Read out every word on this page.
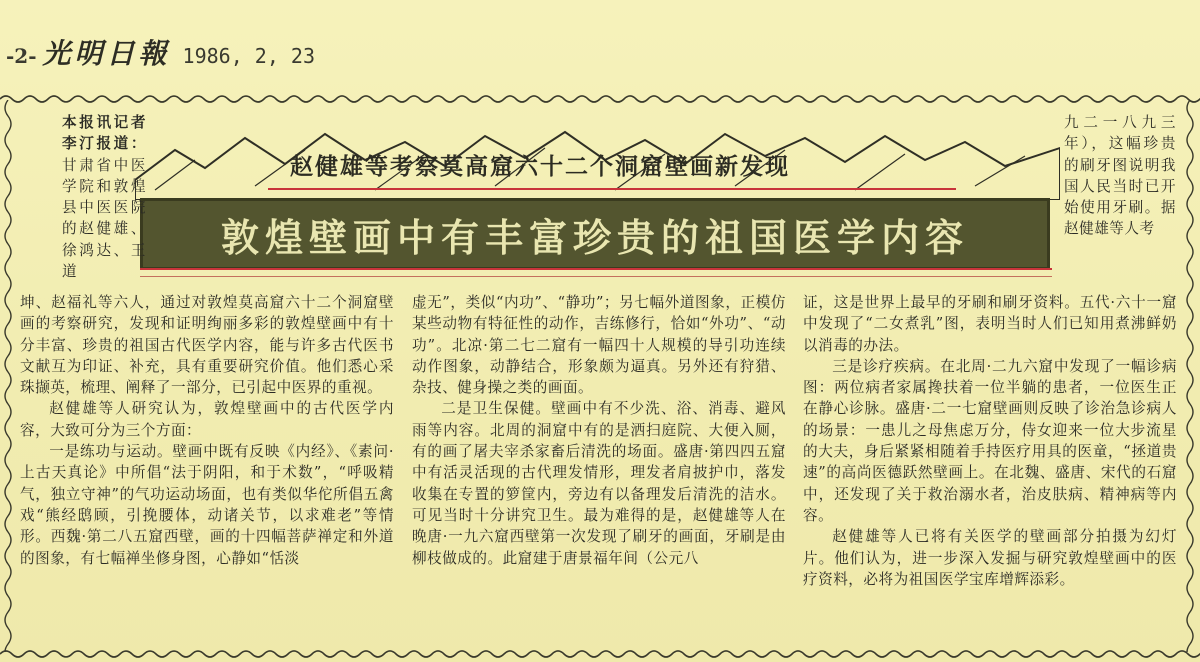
-2- 光明日報 1986, 2, 23
赵健雄等考察莫高窟六十二个洞窟壁画新发现
敦煌壁画中有丰富珍贵的祖国医学内容

本报讯记者李汀报道：甘肃省中医学院和敦煌县中医医院的赵健雄、徐鸿达、王道

九二一八九三年），这幅珍贵的刷牙图说明我国人民当时已开始使用牙刷。据赵健雄等人考

坤、赵福礼等六人，通过对敦煌莫高窟六十二个洞窟壁画的考察研究，发现和证明绚丽多彩的敦煌壁画中有十分丰富、珍贵的祖国古代医学内容，能与许多古代医书文献互为印证、补充，具有重要研究价值。他们悉心采珠撷英，梳理、阐释了一部分，已引起中医界的重视。

赵健雄等人研究认为，敦煌壁画中的古代医学内容，大致可分为三个方面：

一是练功与运动。壁画中既有反映《内经》、《素问·上古天真论》中所倡“法于阴阳，和于术数”，“呼吸精气，独立守神”的气功运动场面，也有类似华佗所倡五禽戏“熊经鸱顾，引挽腰体，动诸关节，以求难老”等情形。西魏·第二八五窟西壁，画的十四幅菩萨禅定和外道的图象，有七幅禅坐修身图，心静如“恬淡

虚无”，类似“内功”、“静功”；另七幅外道图象，正模仿某些动物有特征性的动作，吉练修行，恰如“外功”、“动功”。北凉·第二七二窟有一幅四十人规模的导引功连续动作图象，动静结合，形象颇为逼真。另外还有狩猎、杂技、健身操之类的画面。

二是卫生保健。壁画中有不少洗、浴、消毒、避风雨等内容。北周的洞窟中有的是洒扫庭院、大便入厕，有的画了屠夫宰杀家畜后清洗的场面。盛唐·第四四五窟中有活灵活现的古代理发情形，理发者肩披护巾，落发收集在专置的箩筐内，旁边有以备理发后清洗的洁水。可见当时十分讲究卫生。最为难得的是，赵健雄等人在晚唐·一九六窟西壁第一次发现了刷牙的画面，牙刷是由柳枝做成的。此窟建于唐景福年间（公元八

证，这是世界上最早的牙刷和刷牙资料。五代·六十一窟中发现了“二女煮乳”图，表明当时人们已知用煮沸鲜奶以消毒的办法。

三是诊疗疾病。在北周·二九六窟中发现了一幅诊病图：两位病者家属搀扶着一位半躺的患者，一位医生正在静心诊脉。盛唐·二一七窟壁画则反映了诊治急诊病人的场景：一患儿之母焦虑万分，侍女迎来一位大步流星的大夫，身后紧紧相随着手持医疗用具的医童，“拯道贵速”的高尚医德跃然壁画上。在北魏、盛唐、宋代的石窟中，还发现了关于救治溺水者，治皮肤病、精神病等内容。

赵健雄等人已将有关医学的壁画部分拍摄为幻灯片。他们认为，进一步深入发掘与研究敦煌壁画中的医疗资料，必将为祖国医学宝库增辉添彩。
